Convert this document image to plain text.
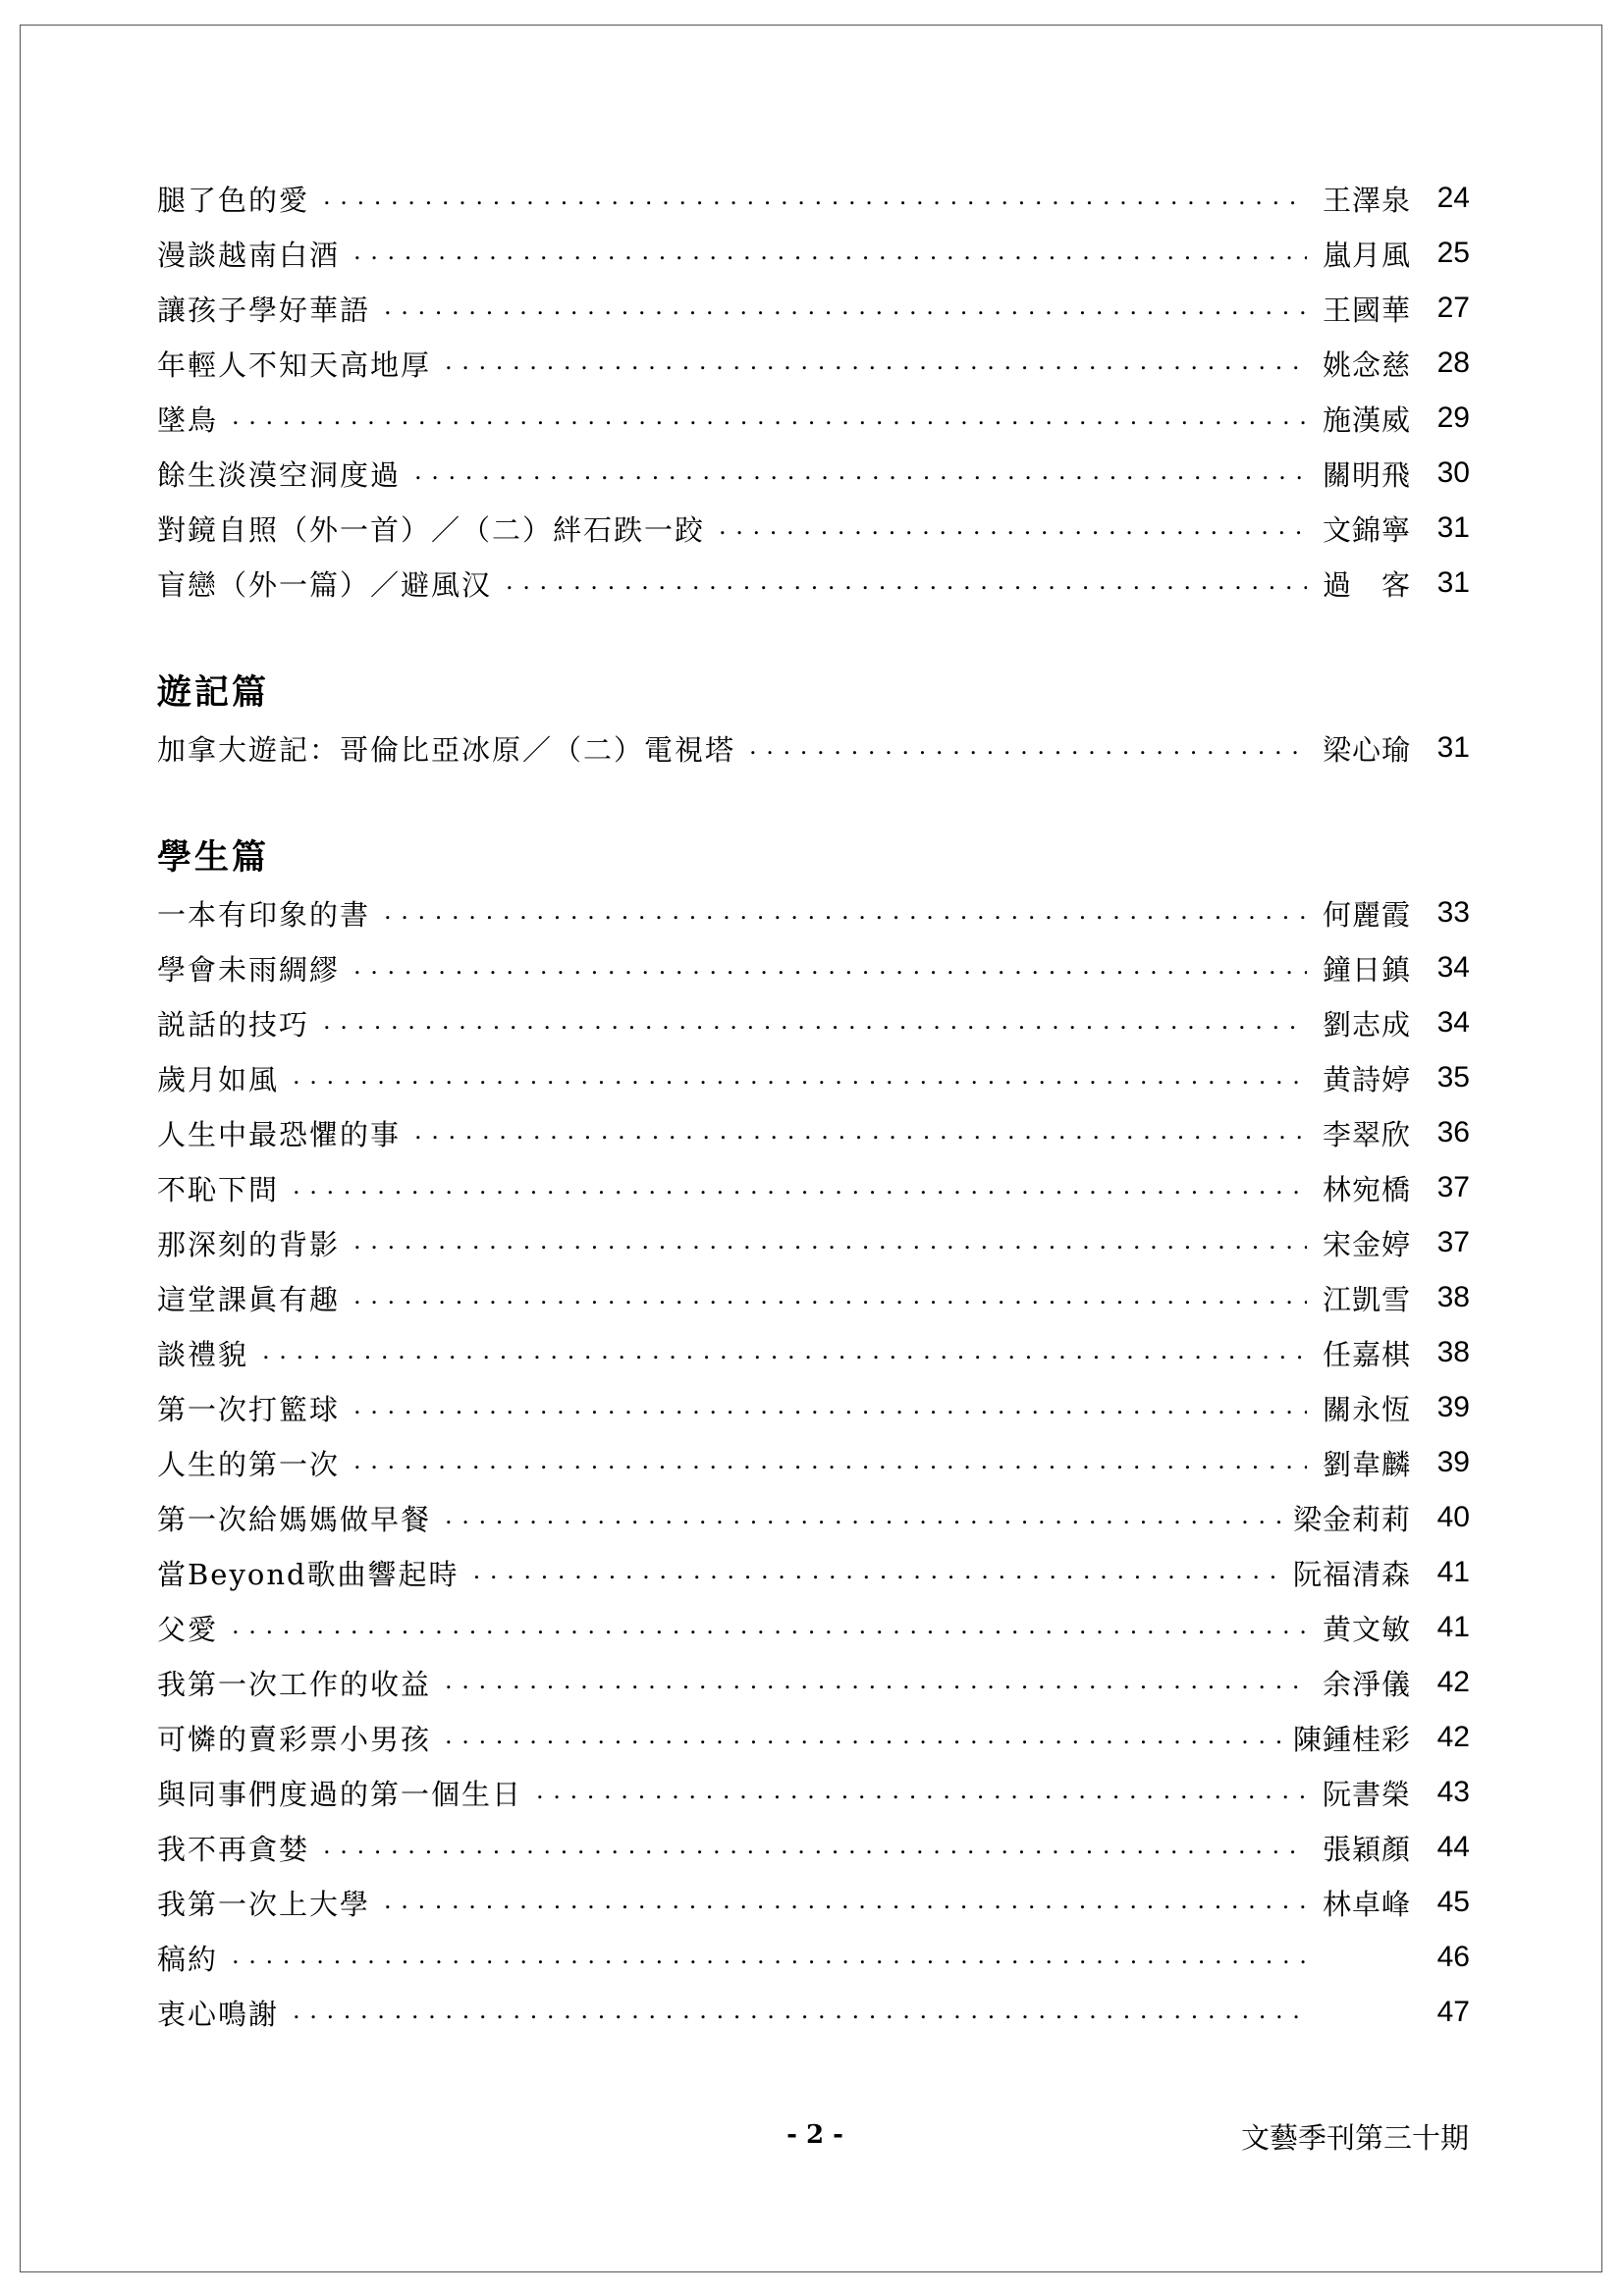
腿了色的愛 . . .	王澤泉 24
漫談越南白酒 . . .	嵐月風 25
讓孩子學好華語 . . .	王國華 27
年輕人不知天高地厚 . . .	姚念慈 28
墜鳥 . . .	施漢威 29
餘生淡漠空洞度過 . . .	關明飛 30
對鏡自照（外一首）／（二）絆石跌一跤 . . .	文錦寧 31
盲戀（外一篇）／避風汉 . . .	過　客 31
遊記篇
加拿大遊記：哥倫比亞冰原／（二）電視塔 . . .	梁心瑜 31
學生篇
一本有印象的書 . . .	何麗霞 33
學會未雨綢繆 . . .	鐘日鎮 34
説話的技巧 . . .	劉志成 34
歲月如風 . . .	黄詩婷 35
人生中最恐懼的事 . . .	李翠欣 36
不恥下問 . . .	林宛橋 37
那深刻的背影 . . .	宋金婷 37
這堂課眞有趣 . . .	江凱雪 38
談禮貌 . . .	任嘉棋 38
第一次打籃球 . . .	關永恆 39
人生的第一次 . . .	劉韋麟 39
第一次給媽媽做早餐 . . .	梁金莉莉 40
當Beyond歌曲響起時 . . .	阮福清森 41
父愛 . . .	黄文敏 41
我第一次工作的收益 . . .	余淨儀 42
可憐的賣彩票小男孩 . . .	陳鍾桂彩 42
與同事們度過的第一個生日 . . .	阮書榮 43
我不再貪婪 . . .	張穎顏 44
我第一次上大學 . . .	林卓峰 45
稿約 . . .	46
衷心鳴謝 . . .	47
- 2 -	文藝季刊第三十期
